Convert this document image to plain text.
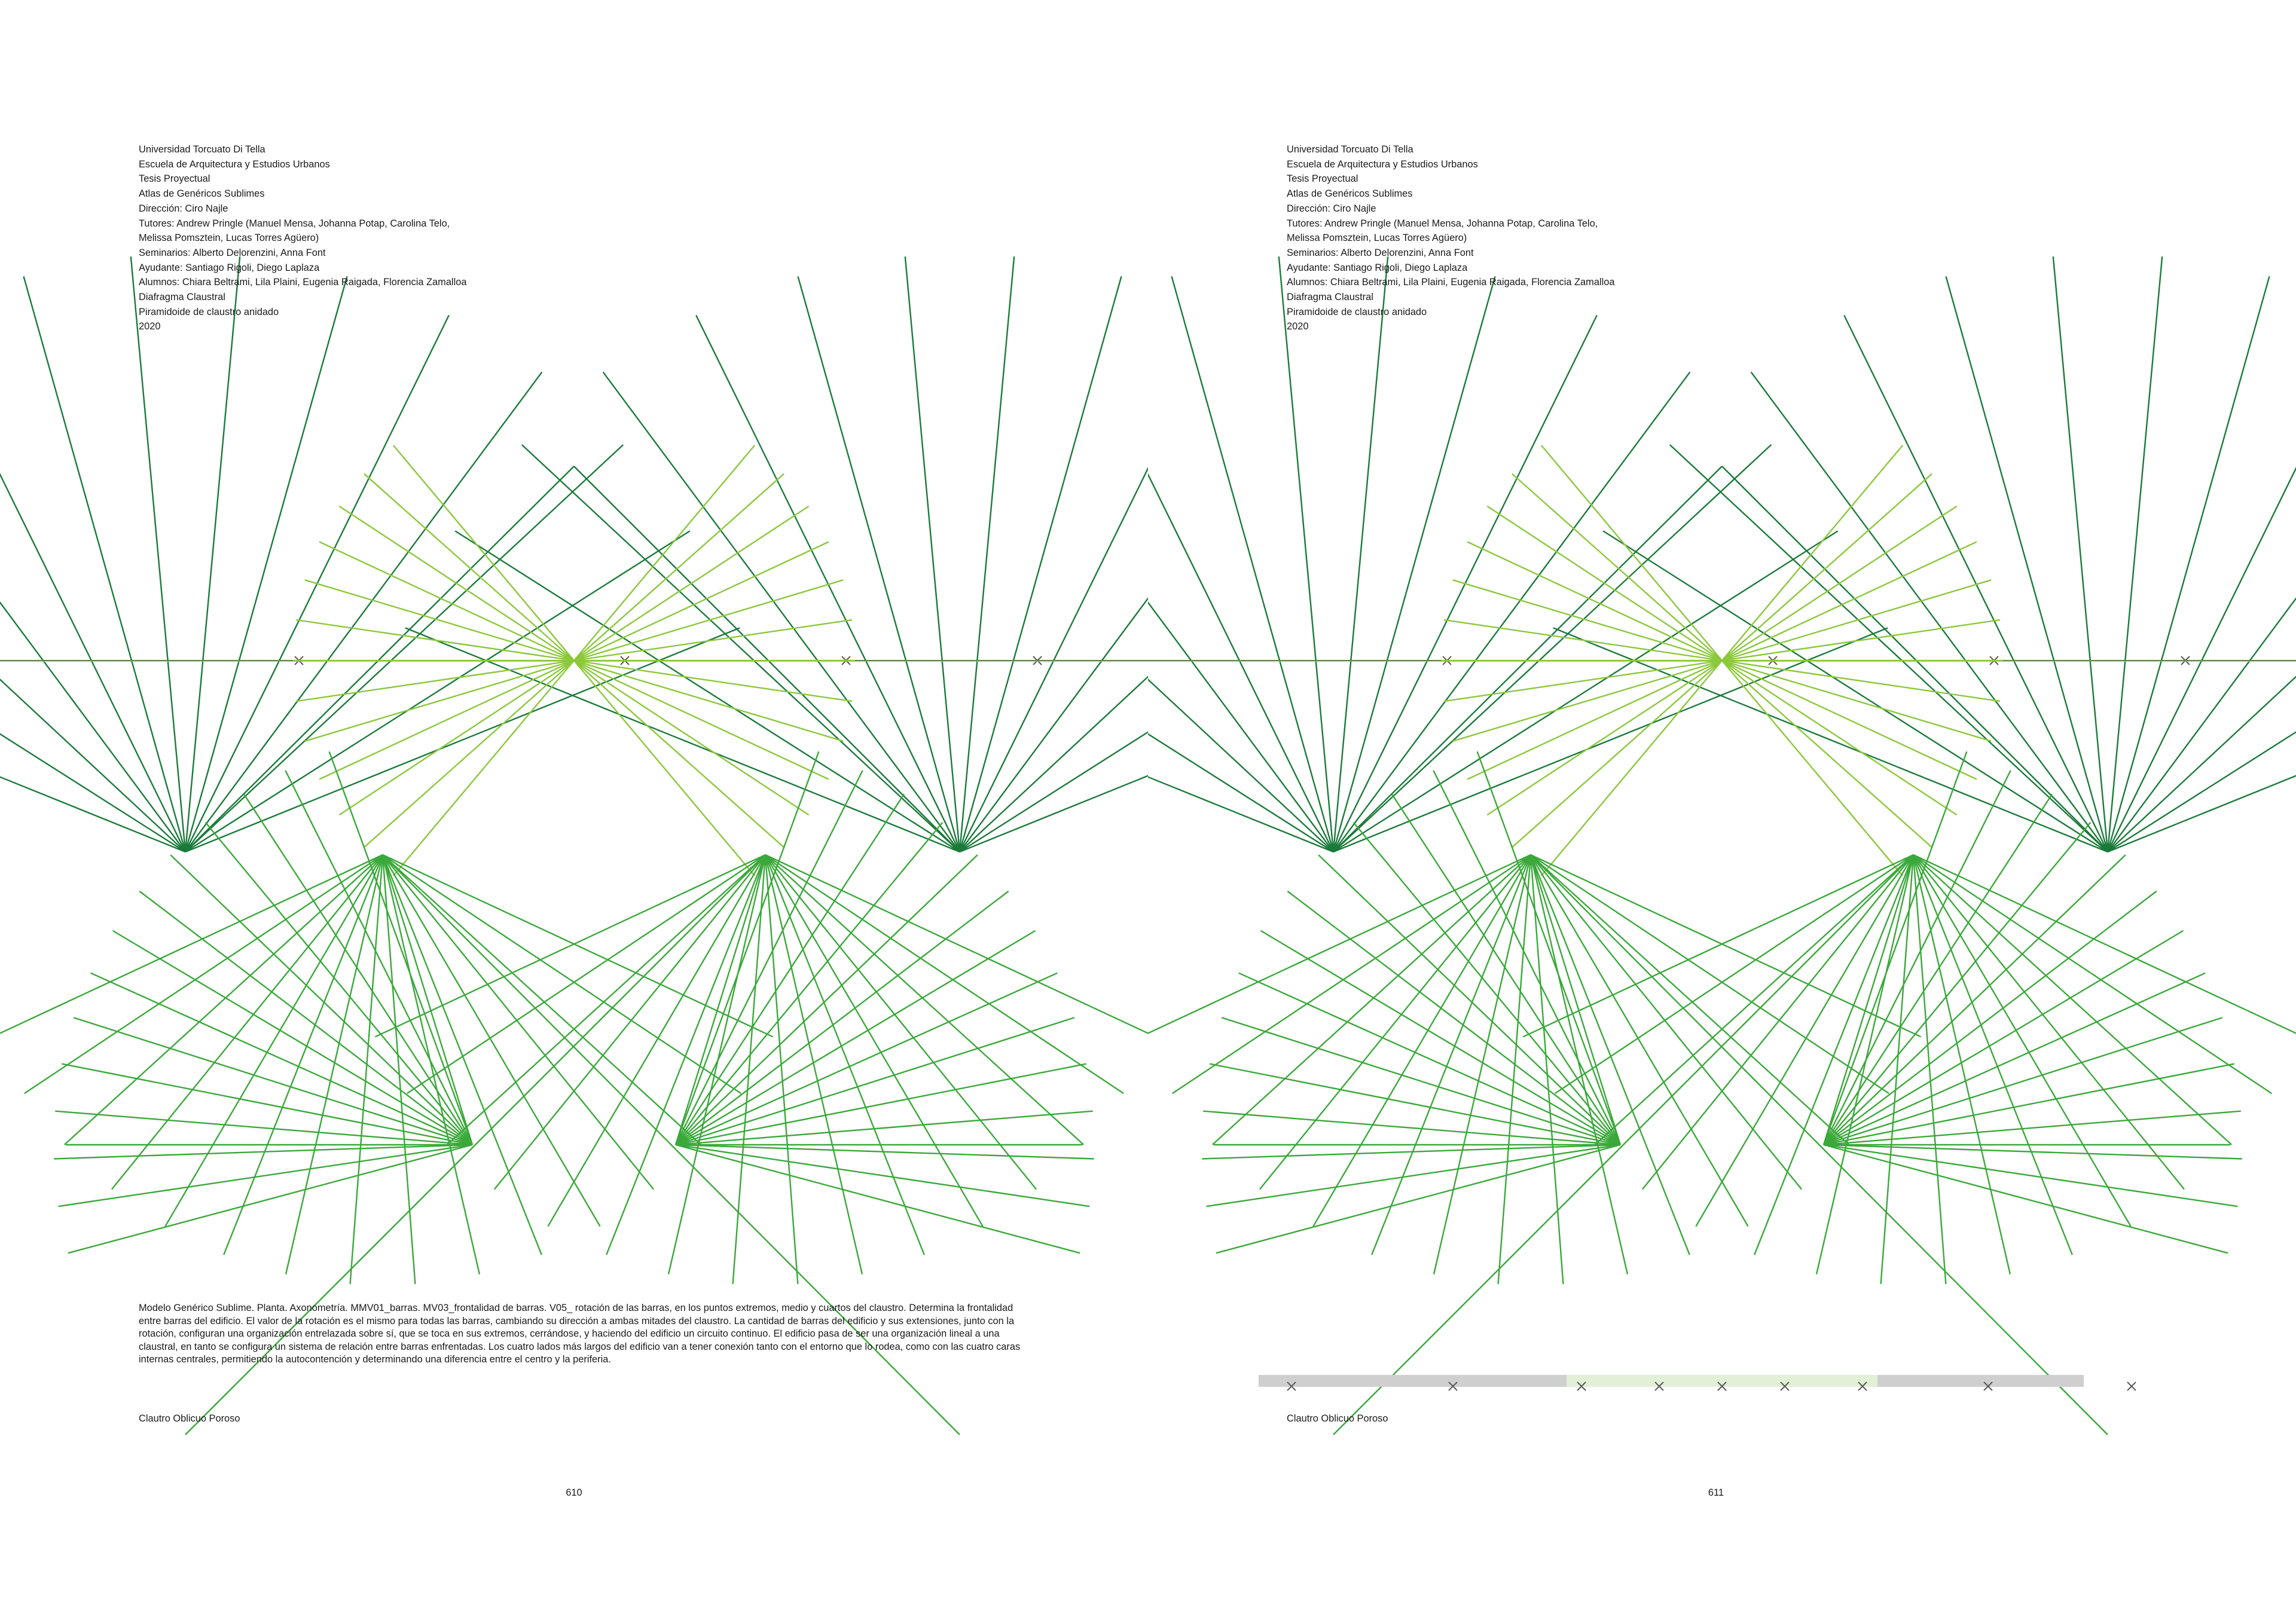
Universidad Torcuato Di Tella
Escuela de Arquitectura y Estudios Urbanos
Tesis Proyectual
Atlas de Genéricos Sublimes
Dirección: Ciro Najle
Tutores: Andrew Pringle (Manuel Mensa, Johanna Potap, Carolina Telo,
Melissa Pomsztein, Lucas Torres Agüero)
Seminarios: Alberto Delorenzini, Anna Font
Ayudante: Santiago Rigoli, Diego Laplaza
Alumnos: Chiara Beltrami, Lila Plaini, Eugenia Raigada, Florencia Zamalloa
Diafragma Claustral
Piramidoide de claustro anidado
2020
Modelo Genérico Sublime. Planta. Axonometría. MMV01_barras. MV03_frontalidad de barras. V05_ rotación de las barras, en los puntos extremos, medio y cuartos del claustro. Determina la frontalidad entre barras del edificio. El valor de la rotación es el mismo para todas las barras, cambiando su dirección a ambas mitades del claustro. La cantidad de barras del edificio y sus extensiones, junto con la rotación, configuran una organización entrelazada sobre sí, que se toca en sus extremos, cerrándose, y haciendo del edificio un circuito continuo. El edificio pasa de ser una organización lineal a una claustral, en tanto se configura un sistema de relación entre barras enfrentadas. Los cuatro lados más largos del edificio van a tener conexión tanto con el entorno que lo rodea, como con las cuatro caras internas centrales, permitiendo la autocontención y determinando una diferencia entre el centro y la periferia.
Clautro Oblicuo Poroso
610
Universidad Torcuato Di Tella
Escuela de Arquitectura y Estudios Urbanos
Tesis Proyectual
Atlas de Genéricos Sublimes
Dirección: Ciro Najle
Tutores: Andrew Pringle (Manuel Mensa, Johanna Potap, Carolina Telo,
Melissa Pomsztein, Lucas Torres Agüero)
Seminarios: Alberto Delorenzini, Anna Font
Ayudante: Santiago Rigoli, Diego Laplaza
Alumnos: Chiara Beltrami, Lila Plaini, Eugenia Raigada, Florencia Zamalloa
Diafragma Claustral
Piramidoide de claustro anidado
2020
Clautro Oblicuo Poroso
611
